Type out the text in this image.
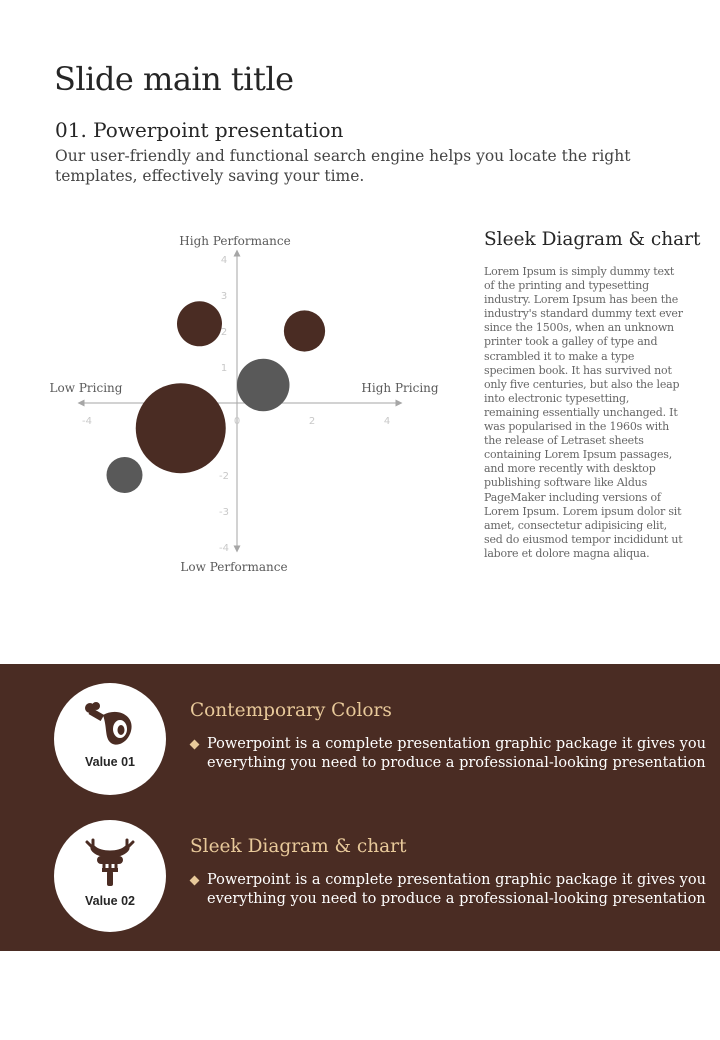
Slide main title
01. Powerpoint presentation

Our user-friendly and functional search engine helps you locate the right templates, effectively saving your time.

-4	0	2	4
-4
-3
-2
1
2
3
4
High Performance
Low Performance
Low Pricing	High Pricing
Sleek Diagram & chart

Lorem Ipsum is simply dummy text of the printing and typesetting industry. Lorem Ipsum has been the industry's standard dummy text ever since the 1500s, when an unknown printer took a galley of type and scrambled it to make a type specimen book. It has survived not only five centuries, but also the leap into electronic typesetting, remaining essentially unchanged. It was popularised in the 1960s with the release of Letraset sheets containing Lorem Ipsum passages, and more recently with desktop publishing software like Aldus PageMaker including versions of Lorem Ipsum. Lorem ipsum dolor sit amet, consectetur adipisicing elit, sed do eiusmod tempor incididunt ut labore et dolore magna aliqua.

Value 01
Contemporary Colors

Powerpoint is a complete presentation graphic package it gives you everything you need to produce a professional-looking presentation

Value 02
Sleek Diagram & chart

Powerpoint is a complete presentation graphic package it gives you everything you need to produce a professional-looking presentation
